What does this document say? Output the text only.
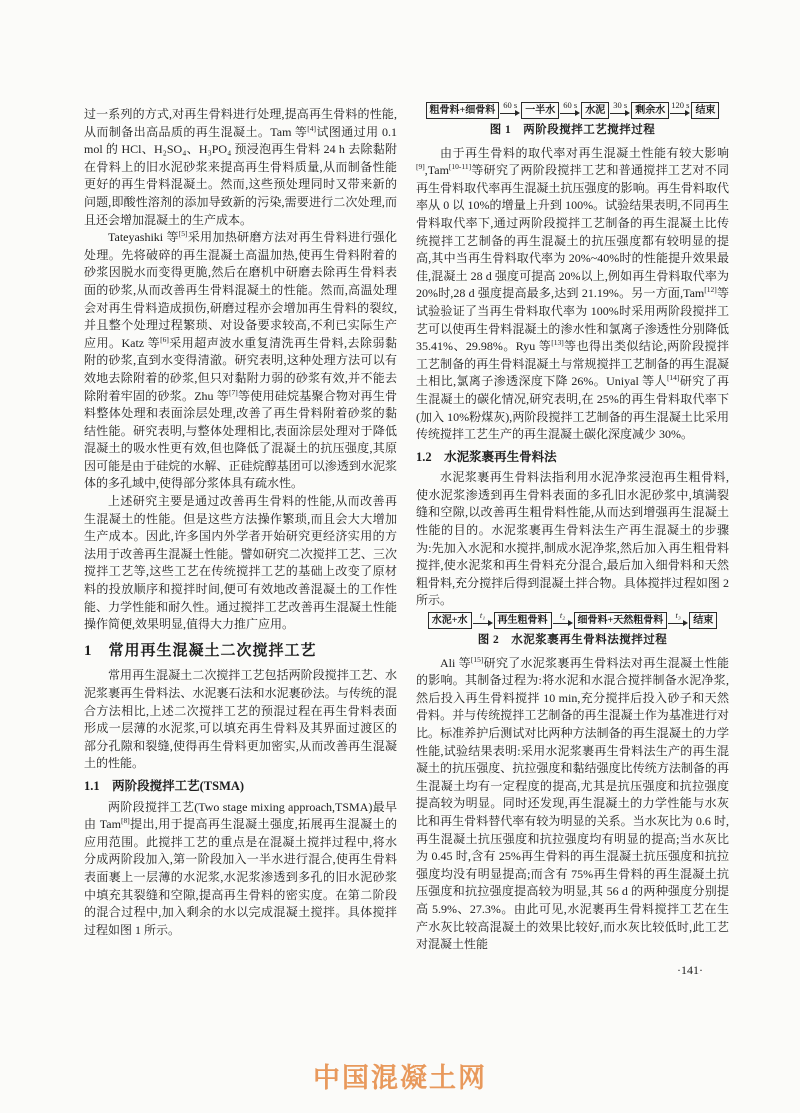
过一系列的方式,对再生骨料进行处理,提高再生骨料的性能,从而制备出高品质的再生混凝土。Tam 等[4]试图通过用 0.1 mol 的 HCl、H₂SO₄、H₃PO₄ 预浸泡再生骨料 24 h 去除黏附在骨料上的旧水泥砂浆来提高再生骨料质量,从而制备性能更好的再生骨料混凝土。然而,这些预处理同时又带来新的问题,即酸性溶剂的添加导致新的污染,需要进行二次处理,而且还会增加混凝土的生产成本。

Tateyashiki 等[5]采用加热研磨方法对再生骨料进行强化处理。先将破碎的再生混凝土高温加热,使再生骨料附着的砂浆因脱水而变得更脆,然后在磨机中研磨去除再生骨料表面的砂浆,从而改善再生骨料混凝土的性能。然而,高温处理会对再生骨料造成损伤,研磨过程亦会增加再生骨料的裂纹,并且整个处理过程繁琐、对设备要求较高,不利已实际生产应用。Katz 等[6]采用超声波水重复清洗再生骨料,去除弱黏附的砂浆,直到水变得清澈。研究表明,这种处理方法可以有效地去除附着的砂浆,但只对黏附力弱的砂浆有效,并不能去除附着牢固的砂浆。Zhu 等[7]等使用硅烷基聚合物对再生骨料整体处理和表面涂层处理,改善了再生骨料附着砂浆的黏结性能。研究表明,与整体处理相比,表面涂层处理对于降低混凝土的吸水性更有效,但也降低了混凝土的抗压强度,其原因可能是由于硅烷的水解、正硅烷醇基团可以渗透到水泥浆体的多孔域中,使得部分浆体具有疏水性。

上述研究主要是通过改善再生骨料的性能,从而改善再生混凝土的性能。但是这些方法操作繁琐,而且会大大增加生产成本。因此,许多国内外学者开始研究更经济实用的方法用于改善再生混凝土性能。譬如研究二次搅拌工艺、三次搅拌工艺等,这些工艺在传统搅拌工艺的基础上改变了原材料的投放顺序和搅拌时间,便可有效地改善混凝土的工作性能、力学性能和耐久性。通过搅拌工艺改善再生混凝土性能操作简便,效果明显,值得大力推广应用。

1　常用再生混凝土二次搅拌工艺

常用再生混凝土二次搅拌工艺包括两阶段搅拌工艺、水泥浆裹再生骨料法、水泥裹石法和水泥裹砂法。与传统的混合方法相比,上述二次搅拌工艺的预混过程在再生骨料表面形成一层薄的水泥浆,可以填充再生骨料及其界面过渡区的部分孔隙和裂缝,使得再生骨料更加密实,从而改善再生混凝土的性能。

1.1　两阶段搅拌工艺(TSMA)

两阶段搅拌工艺(Two stage mixing approach,TSMA)最早由 Tam[8]提出,用于提高再生混凝土强度,拓展再生混凝土的应用范围。此搅拌工艺的重点是在混凝土搅拌过程中,将水分成两阶段加入,第一阶段加入一半水进行混合,使再生骨料表面裹上一层薄的水泥浆,水泥浆渗透到多孔的旧水泥砂浆中填充其裂缝和空隙,提高再生骨料的密实度。在第二阶段的混合过程中,加入剩余的水以完成混凝土搅拌。具体搅拌过程如图 1 所示。

粗骨料+细骨料
60 s
一半水
60 s
水泥
30 s
剩余水
120 s
结束
图 1　两阶段搅拌工艺搅拌过程

由于再生骨料的取代率对再生混凝土性能有较大影响[9],Tam[10-11]等研究了两阶段搅拌工艺和普通搅拌工艺对不同再生骨料取代率再生混凝土抗压强度的影响。再生骨料取代率从 0 以 10%的增量上升到 100%。试验结果表明,不同再生骨料取代率下,通过两阶段搅拌工艺制备的再生混凝土比传统搅拌工艺制备的再生混凝土的抗压强度都有较明显的提高,其中当再生骨料取代率为 20%~40%时的性能提升效果最佳,混凝土 28 d 强度可提高 20%以上,例如再生骨料取代率为 20%时,28 d 强度提高最多,达到 21.19%。另一方面,Tam[12]等试验验证了当再生骨料取代率为 100%时采用两阶段搅拌工艺可以使再生骨料混凝土的渗水性和氯离子渗透性分别降低 35.41%、29.98%。Ryu 等[13]等也得出类似结论,两阶段搅拌工艺制备的再生骨料混凝土与常规搅拌工艺制备的再生混凝土相比,氯离子渗透深度下降 26%。Uniyal 等人[14]研究了再生混凝土的碳化情况,研究表明,在 25%的再生骨料取代率下(加入 10%粉煤灰),两阶段搅拌工艺制备的再生混凝土比采用传统搅拌工艺生产的再生混凝土碳化深度减少 30%。

1.2　水泥浆裹再生骨料法

水泥浆裹再生骨料法指利用水泥净浆浸泡再生粗骨料,使水泥浆渗透到再生骨料表面的多孔旧水泥砂浆中,填满裂缝和空隙,以改善再生粗骨料性能,从而达到增强再生混凝土性能的目的。水泥浆裹再生骨料法生产再生混凝土的步骤为:先加入水泥和水搅拌,制成水泥净浆,然后加入再生粗骨料搅拌,使水泥浆和再生骨料充分混合,最后加入细骨料和天然粗骨料,充分搅拌后得到混凝土拌合物。具体搅拌过程如图 2 所示。

水泥+水
t₁
再生粗骨料
t₂
细骨料+天然粗骨料
t₃
结束
图 2　水泥浆裹再生骨料法搅拌过程

Ali 等[15]研究了水泥浆裹再生骨料法对再生混凝土性能的影响。其制备过程为:将水泥和水混合搅拌制备水泥净浆,然后投入再生骨料搅拌 10 min,充分搅拌后投入砂子和天然骨料。并与传统搅拌工艺制备的再生混凝土作为基准进行对比。标准养护后测试对比两种方法制备的再生混凝土的力学性能,试验结果表明:采用水泥浆裹再生骨料法生产的再生混凝土的抗压强度、抗拉强度和黏结强度比传统方法制备的再生混凝土均有一定程度的提高,尤其是抗压强度和抗拉强度提高较为明显。同时还发现,再生混凝土的力学性能与水灰比和再生骨料替代率有较为明显的关系。当水灰比为 0.6 时,再生混凝土抗压强度和抗拉强度均有明显的提高;当水灰比为 0.45 时,含有 25%再生骨料的再生混凝土抗压强度和抗拉强度均没有明显提高;而含有 75%再生骨料的再生混凝土抗压强度和抗拉强度提高较为明显,其 56 d 的两种强度分别提高 5.9%、27.3%。由此可见,水泥裹再生骨料搅拌工艺在生产水灰比较高混凝土的效果比较好,而水灰比较低时,此工艺对混凝土性能

·141·
中国混凝土网
